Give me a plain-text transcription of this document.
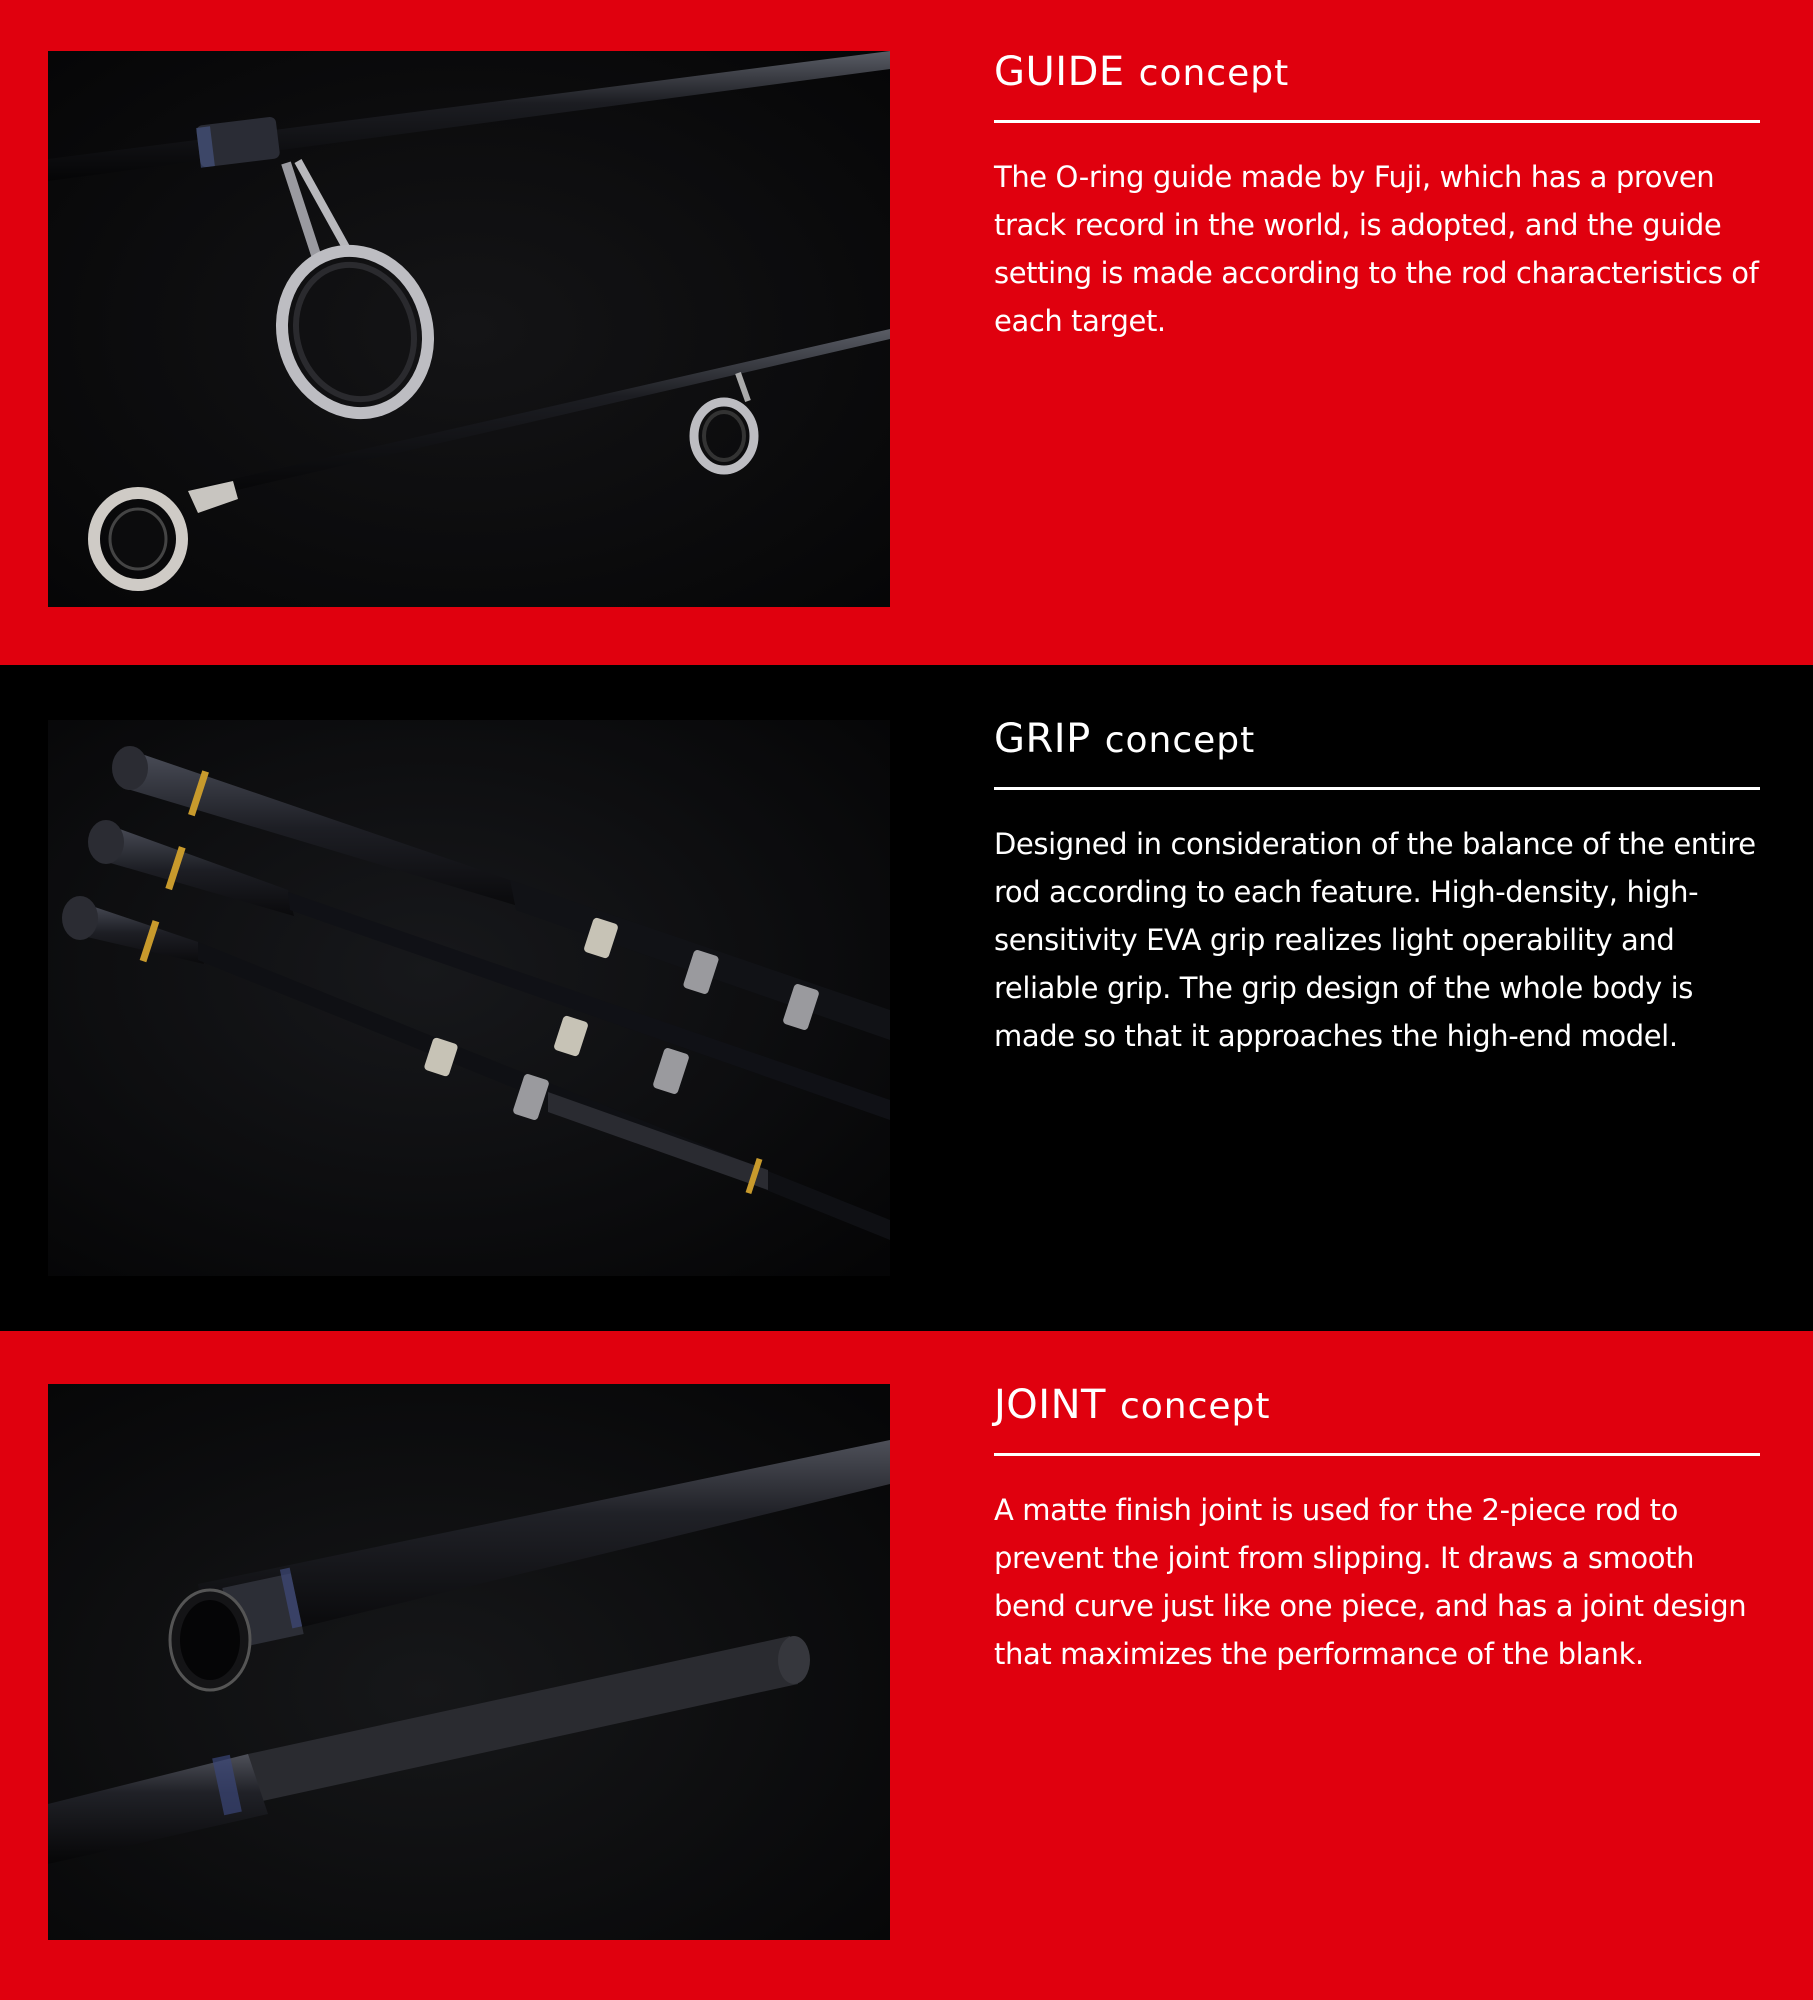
GUIDE concept

The O-ring guide made by Fuji, which has a proven track record in the world, is adopted, and the guide setting is made according to the rod characteristics of each target.

GRIP concept

Designed in consideration of the balance of the entire rod according to each feature. High-density, high-sensitivity EVA grip realizes light operability and reliable grip. The grip design of the whole body is made so that it approaches the high-end model.

JOINT concept

A matte finish joint is used for the 2-piece rod to prevent the joint from slipping. It draws a smooth bend curve just like one piece, and has a joint design that maximizes the performance of the blank.
